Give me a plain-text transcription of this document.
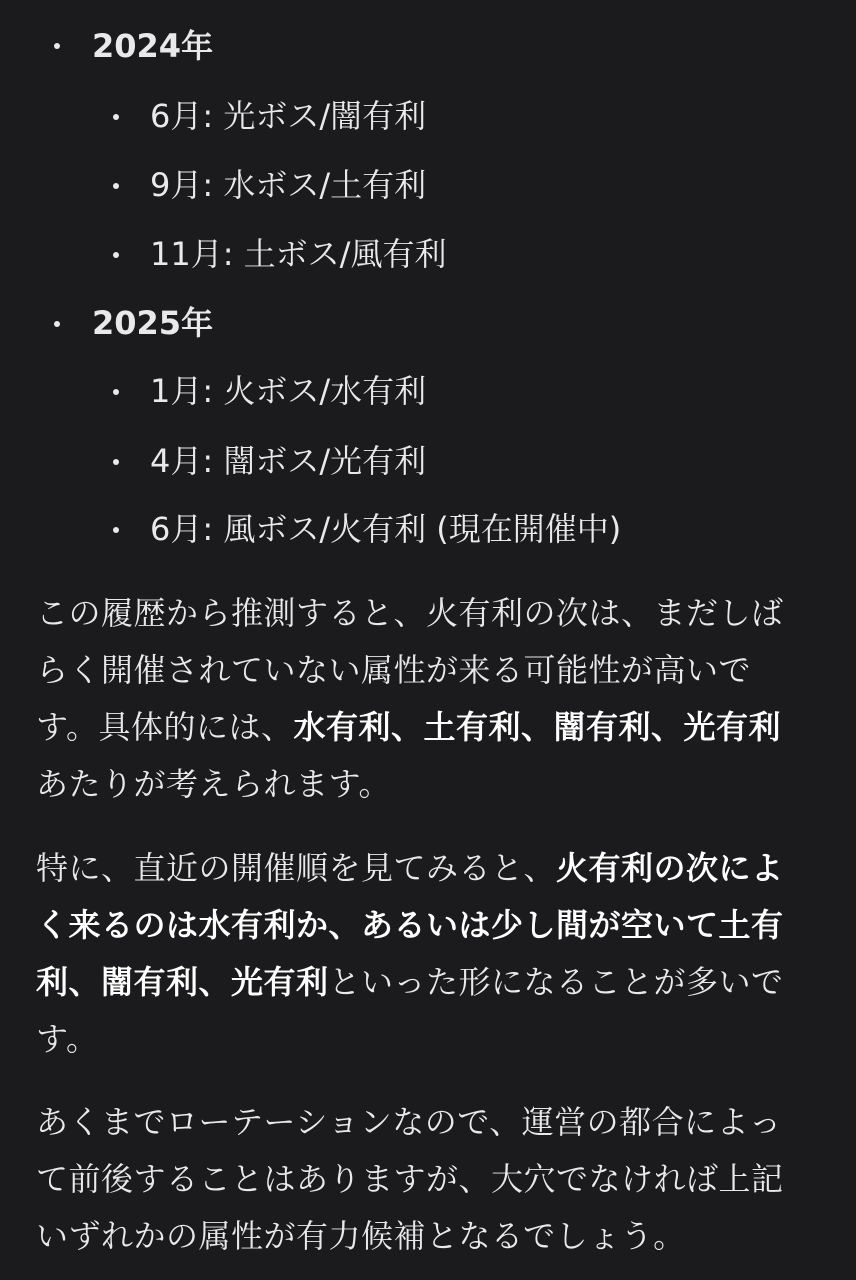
2024年
6月: 光ボス/闇有利
9月: 水ボス/土有利
11月: 土ボス/風有利
2025年
1月: 火ボス/水有利
4月: 闇ボス/光有利
6月: 風ボス/火有利 (現在開催中)
この履歴から推測すると、火有利の次は、まだしば
らく開催されていない属性が来る可能性が高いで
す。具体的には、水有利、土有利、闇有利、光有利
あたりが考えられます。
特に、直近の開催順を見てみると、火有利の次によ
く来るのは水有利か、あるいは少し間が空いて土有
利、闇有利、光有利といった形になることが多いで
す。
あくまでローテーションなので、運営の都合によっ
て前後することはありますが、大穴でなければ上記
いずれかの属性が有力候補となるでしょう。
